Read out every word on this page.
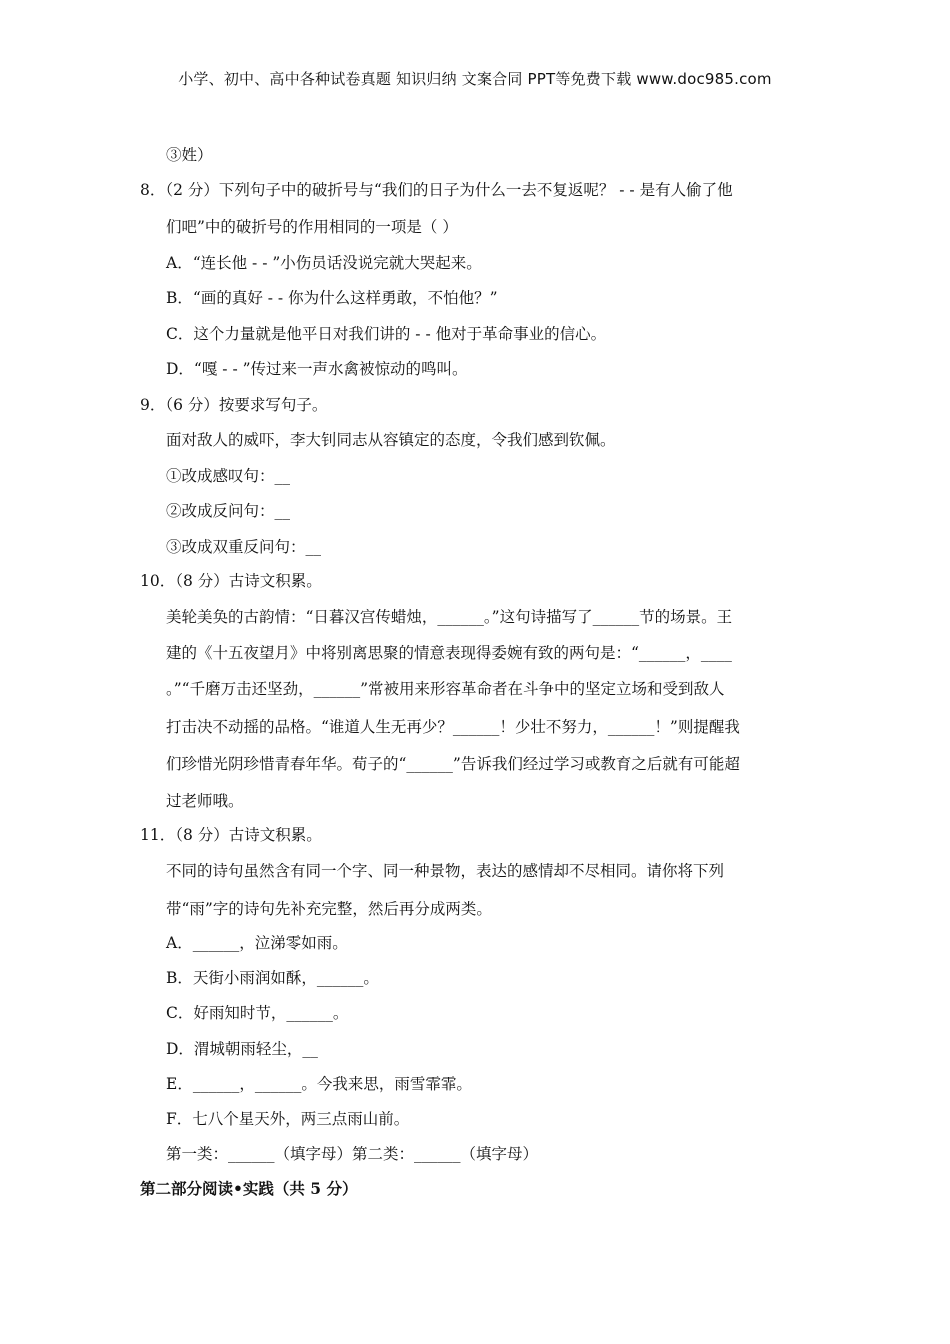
小学、初中、高中各种试卷真题 知识归纳 文案合同 PPT等免费下载 www.doc985.com
③姓）
8．（2 分）下列句子中的破折号与“我们的日子为什么一去不复返呢？ - - 是有人偷了他
们吧”中的破折号的作用相同的一项是（ ）
A．“连长他 - - ”小伤员话没说完就大哭起来。
B．“画的真好 - - 你为什么这样勇敢，不怕他？”
C．这个力量就是他平日对我们讲的 - - 他对于革命事业的信心。
D．“嘎 - - ”传过来一声水禽被惊动的鸣叫。
9．（6 分）按要求写句子。
面对敌人的威吓，李大钊同志从容镇定的态度，令我们感到钦佩。
①改成感叹句：__
②改成反问句：__
③改成双重反问句：__
10．（8 分）古诗文积累。
美轮美奂的古韵情：“日暮汉宫传蜡烛，______。”这句诗描写了______节的场景。王
建的《十五夜望月》中将别离思聚的情意表现得委婉有致的两句是：“______，____
。”“千磨万击还坚劲，______”常被用来形容革命者在斗争中的坚定立场和受到敌人
打击决不动摇的品格。“谁道人生无再少？______！少壮不努力，______！”则提醒我
们珍惜光阴珍惜青春年华。荀子的“______”告诉我们经过学习或教育之后就有可能超
过老师哦。
11．（8 分）古诗文积累。
不同的诗句虽然含有同一个字、同一种景物，表达的感情却不尽相同。请你将下列
带“雨”字的诗句先补充完整，然后再分成两类。
A．______，泣涕零如雨。
B．天街小雨润如酥，______。
C．好雨知时节，______。
D．渭城朝雨轻尘，__
E．______，______。今我来思，雨雪霏霏。
F．七八个星天外，两三点雨山前。
第一类：______（填字母）第二类：______（填字母）
第二部分阅读•实践（共 5 分）
